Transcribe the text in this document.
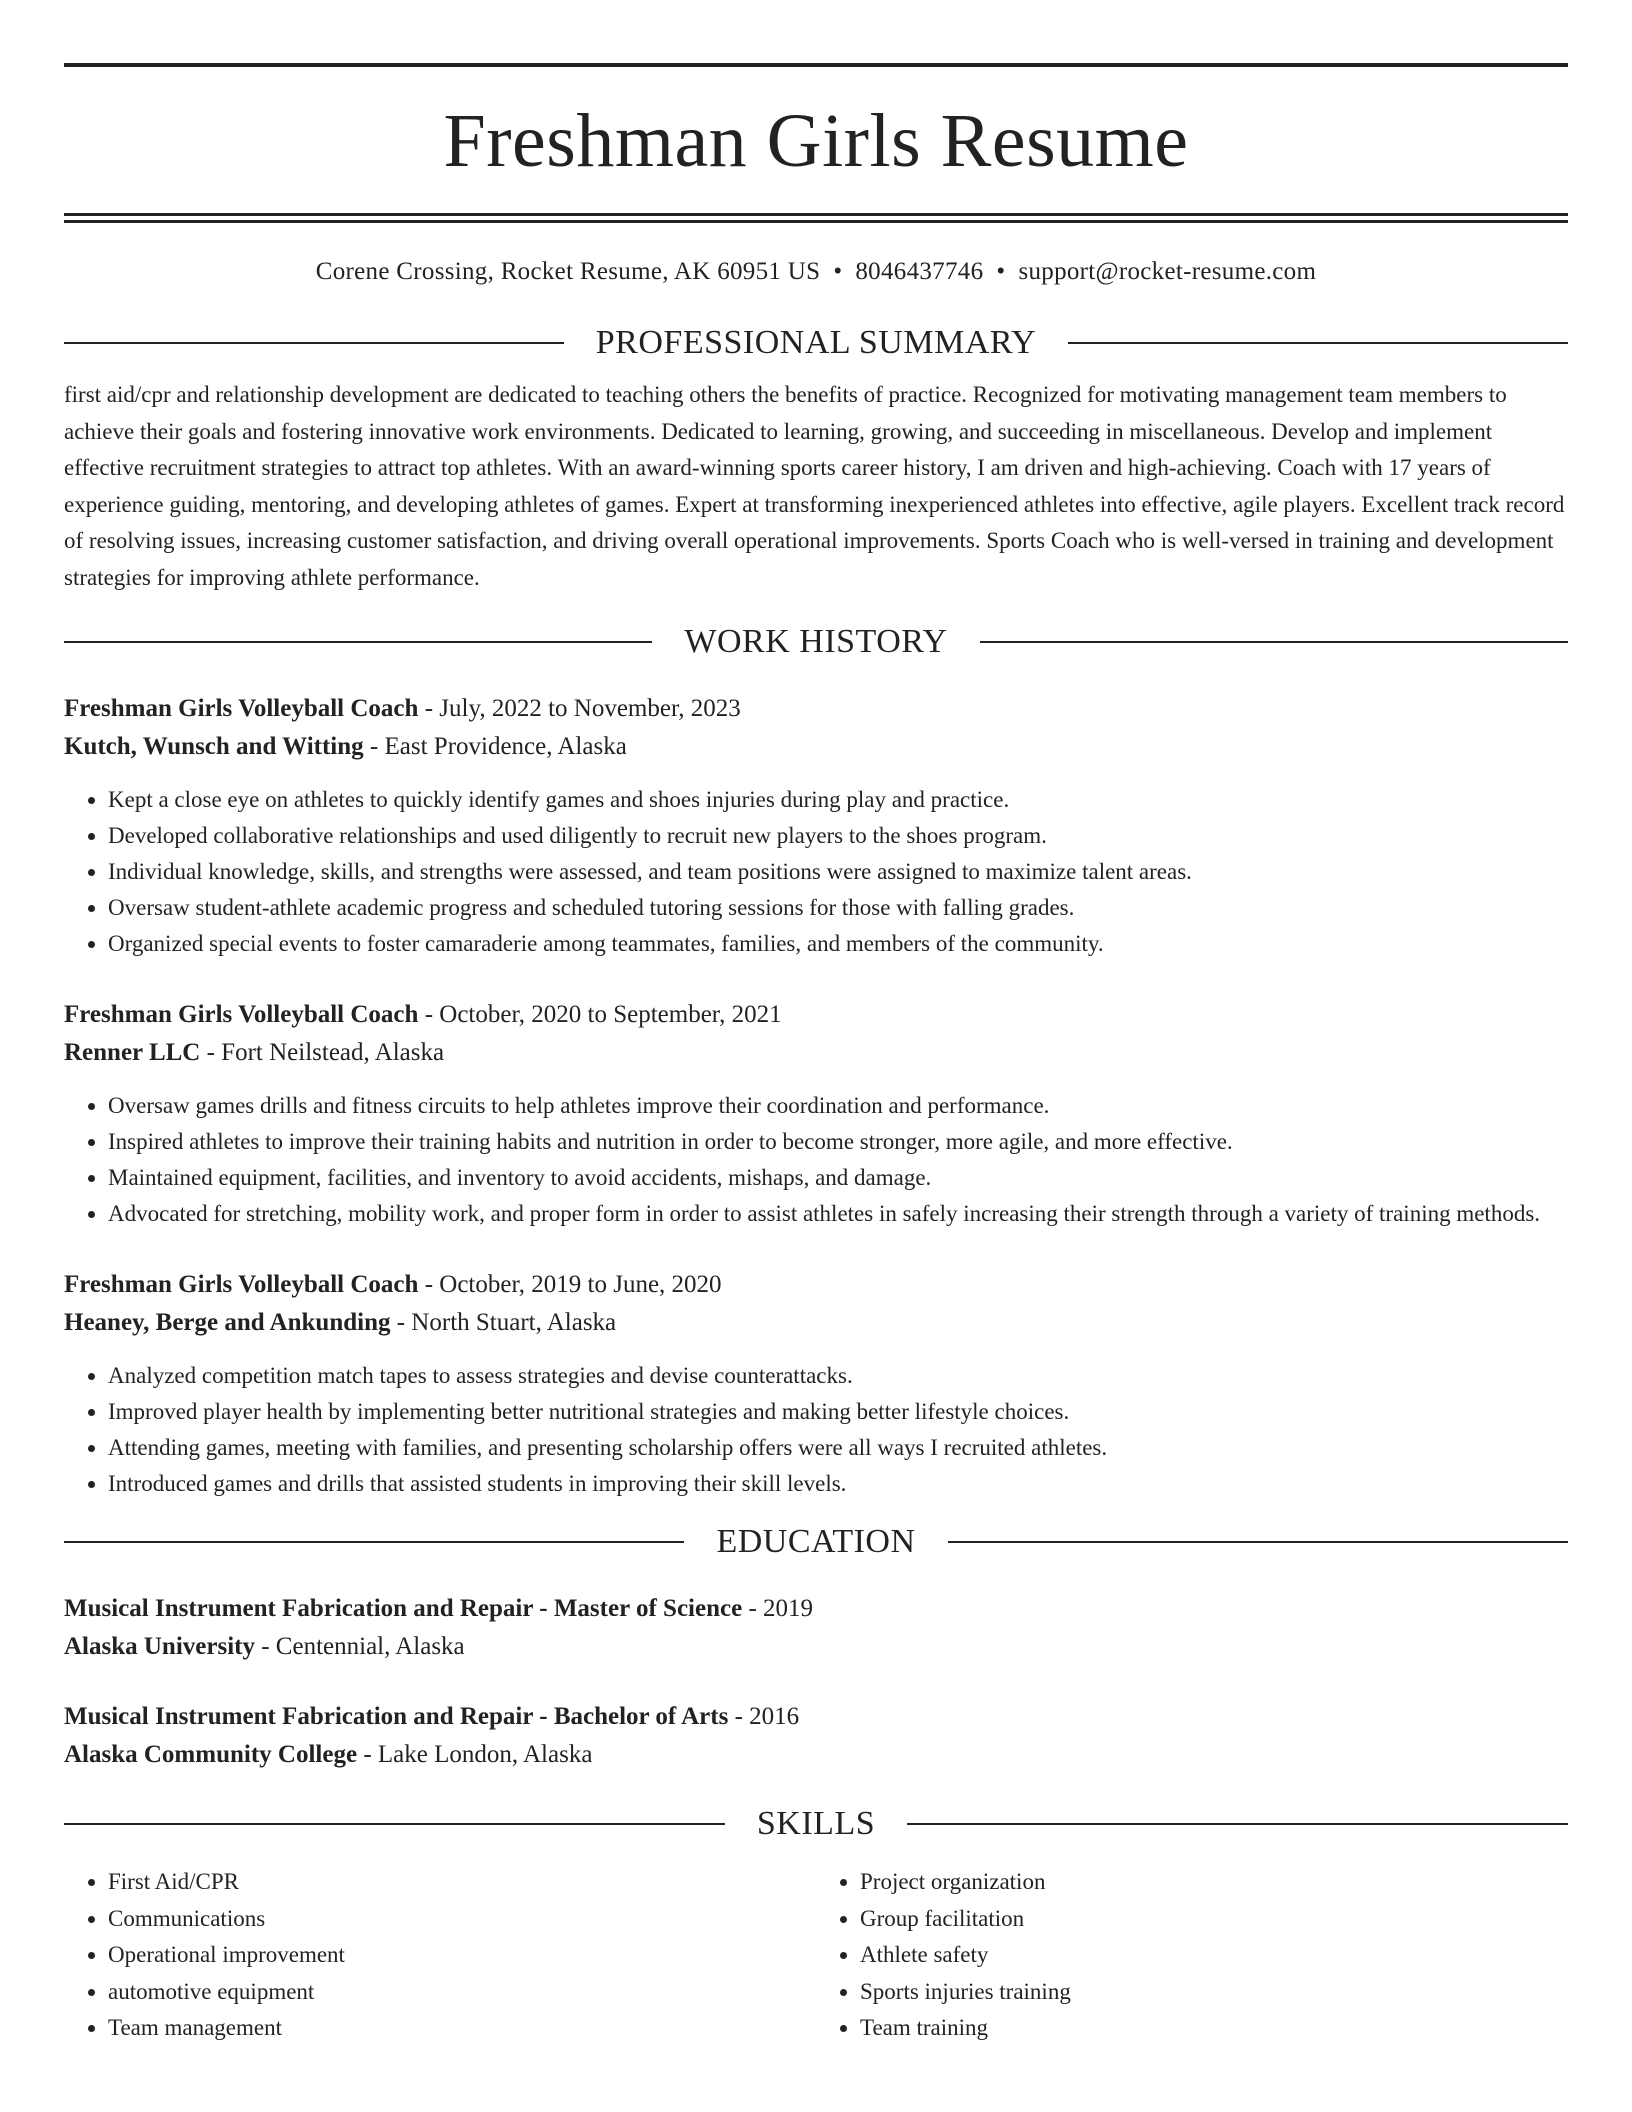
Freshman Girls Resume
Corene Crossing, Rocket Resume, AK 60951 US • 8046437746 • support@rocket-resume.com
PROFESSIONAL SUMMARY
first aid/cpr and relationship development are dedicated to teaching others the benefits of practice. Recognized for motivating management team members to achieve their goals and fostering innovative work environments. Dedicated to learning, growing, and succeeding in miscellaneous. Develop and implement effective recruitment strategies to attract top athletes. With an award-winning sports career history, I am driven and high-achieving. Coach with 17 years of experience guiding, mentoring, and developing athletes of games. Expert at transforming inexperienced athletes into effective, agile players. Excellent track record of resolving issues, increasing customer satisfaction, and driving overall operational improvements. Sports Coach who is well-versed in training and development strategies for improving athlete performance.
WORK HISTORY
Freshman Girls Volleyball Coach - July, 2022 to November, 2023
Kutch, Wunsch and Witting - East Providence, Alaska
• Kept a close eye on athletes to quickly identify games and shoes injuries during play and practice.
• Developed collaborative relationships and used diligently to recruit new players to the shoes program.
• Individual knowledge, skills, and strengths were assessed, and team positions were assigned to maximize talent areas.
• Oversaw student-athlete academic progress and scheduled tutoring sessions for those with falling grades.
• Organized special events to foster camaraderie among teammates, families, and members of the community.
Freshman Girls Volleyball Coach - October, 2020 to September, 2021
Renner LLC - Fort Neilstead, Alaska
• Oversaw games drills and fitness circuits to help athletes improve their coordination and performance.
• Inspired athletes to improve their training habits and nutrition in order to become stronger, more agile, and more effective.
• Maintained equipment, facilities, and inventory to avoid accidents, mishaps, and damage.
• Advocated for stretching, mobility work, and proper form in order to assist athletes in safely increasing their strength through a variety of training methods.
Freshman Girls Volleyball Coach - October, 2019 to June, 2020
Heaney, Berge and Ankunding - North Stuart, Alaska
• Analyzed competition match tapes to assess strategies and devise counterattacks.
• Improved player health by implementing better nutritional strategies and making better lifestyle choices.
• Attending games, meeting with families, and presenting scholarship offers were all ways I recruited athletes.
• Introduced games and drills that assisted students in improving their skill levels.
EDUCATION
Musical Instrument Fabrication and Repair - Master of Science - 2019
Alaska University - Centennial, Alaska
Musical Instrument Fabrication and Repair - Bachelor of Arts - 2016
Alaska Community College - Lake London, Alaska
SKILLS
• First Aid/CPR
• Communications
• Operational improvement
• automotive equipment
• Team management
• Project organization
• Group facilitation
• Athlete safety
• Sports injuries training
• Team training
